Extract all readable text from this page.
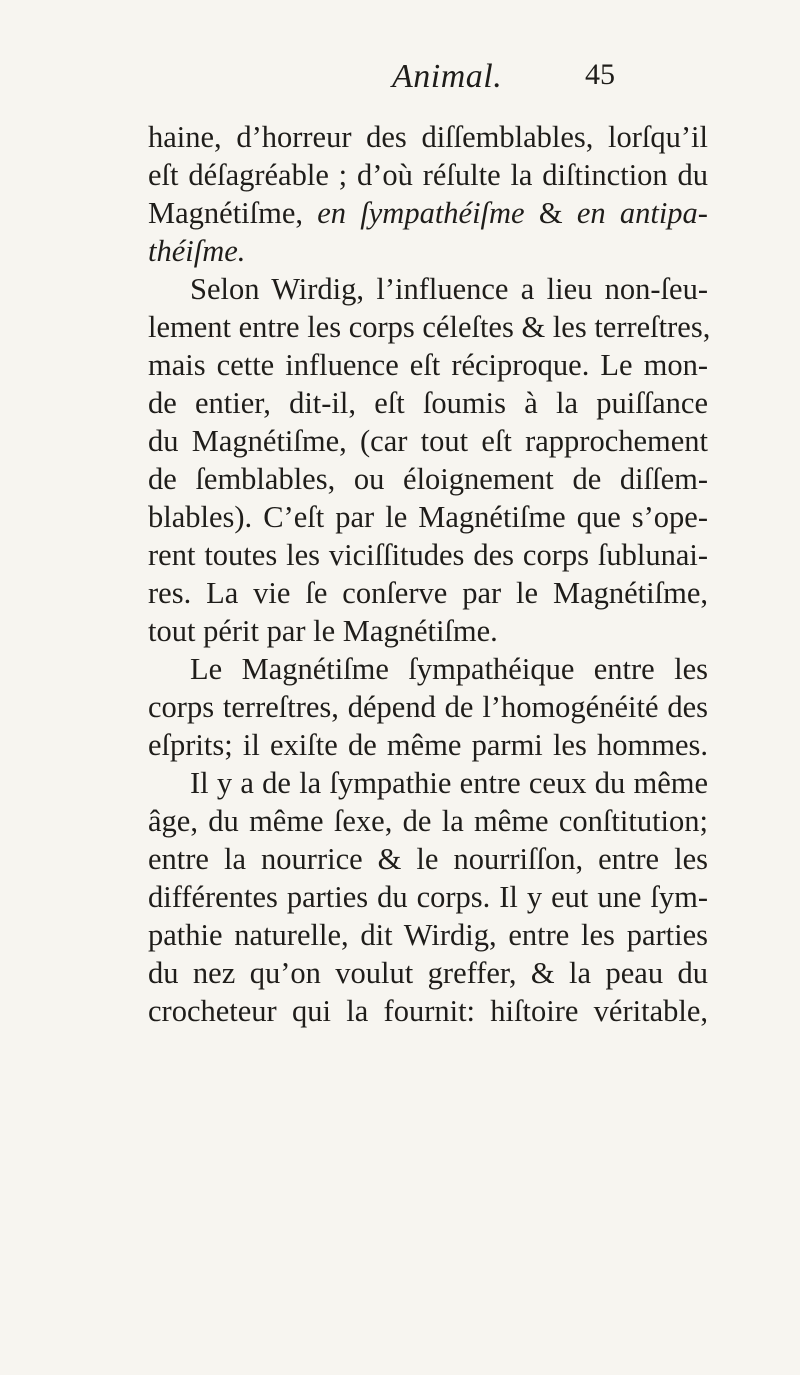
Animal.	45
haine, d’horreur des diſſemblables, lorſqu’il
eſt déſagréable ; d’où réſulte la diſtinction du
Magnétiſme, en ſympathéiſme & en antipa-
théiſme.
Selon Wirdig, l’influence a lieu non-ſeu-
lement entre les corps céleſtes & les terreſtres,
mais cette influence eſt réciproque. Le mon-
de entier, dit-il, eſt ſoumis à la puiſſance
du Magnétiſme, (car tout eſt rapprochement
de ſemblables, ou éloignement de diſſem-
blables). C’eſt par le Magnétiſme que s’ope-
rent toutes les viciſſitudes des corps ſublunai-
res. La vie ſe conſerve par le Magnétiſme,
tout périt par le Magnétiſme.
Le Magnétiſme ſympathéique entre les
corps terreſtres, dépend de l’homogénéité des
eſprits; il exiſte de même parmi les hommes.
Il y a de la ſympathie entre ceux du même
âge, du même ſexe, de la même conſtitution;
entre la nourrice & le nourriſſon, entre les
différentes parties du corps. Il y eut une ſym-
pathie naturelle, dit Wirdig, entre les parties
du nez qu’on voulut greffer, & la peau du
crocheteur qui la fournit: hiſtoire véritable,
